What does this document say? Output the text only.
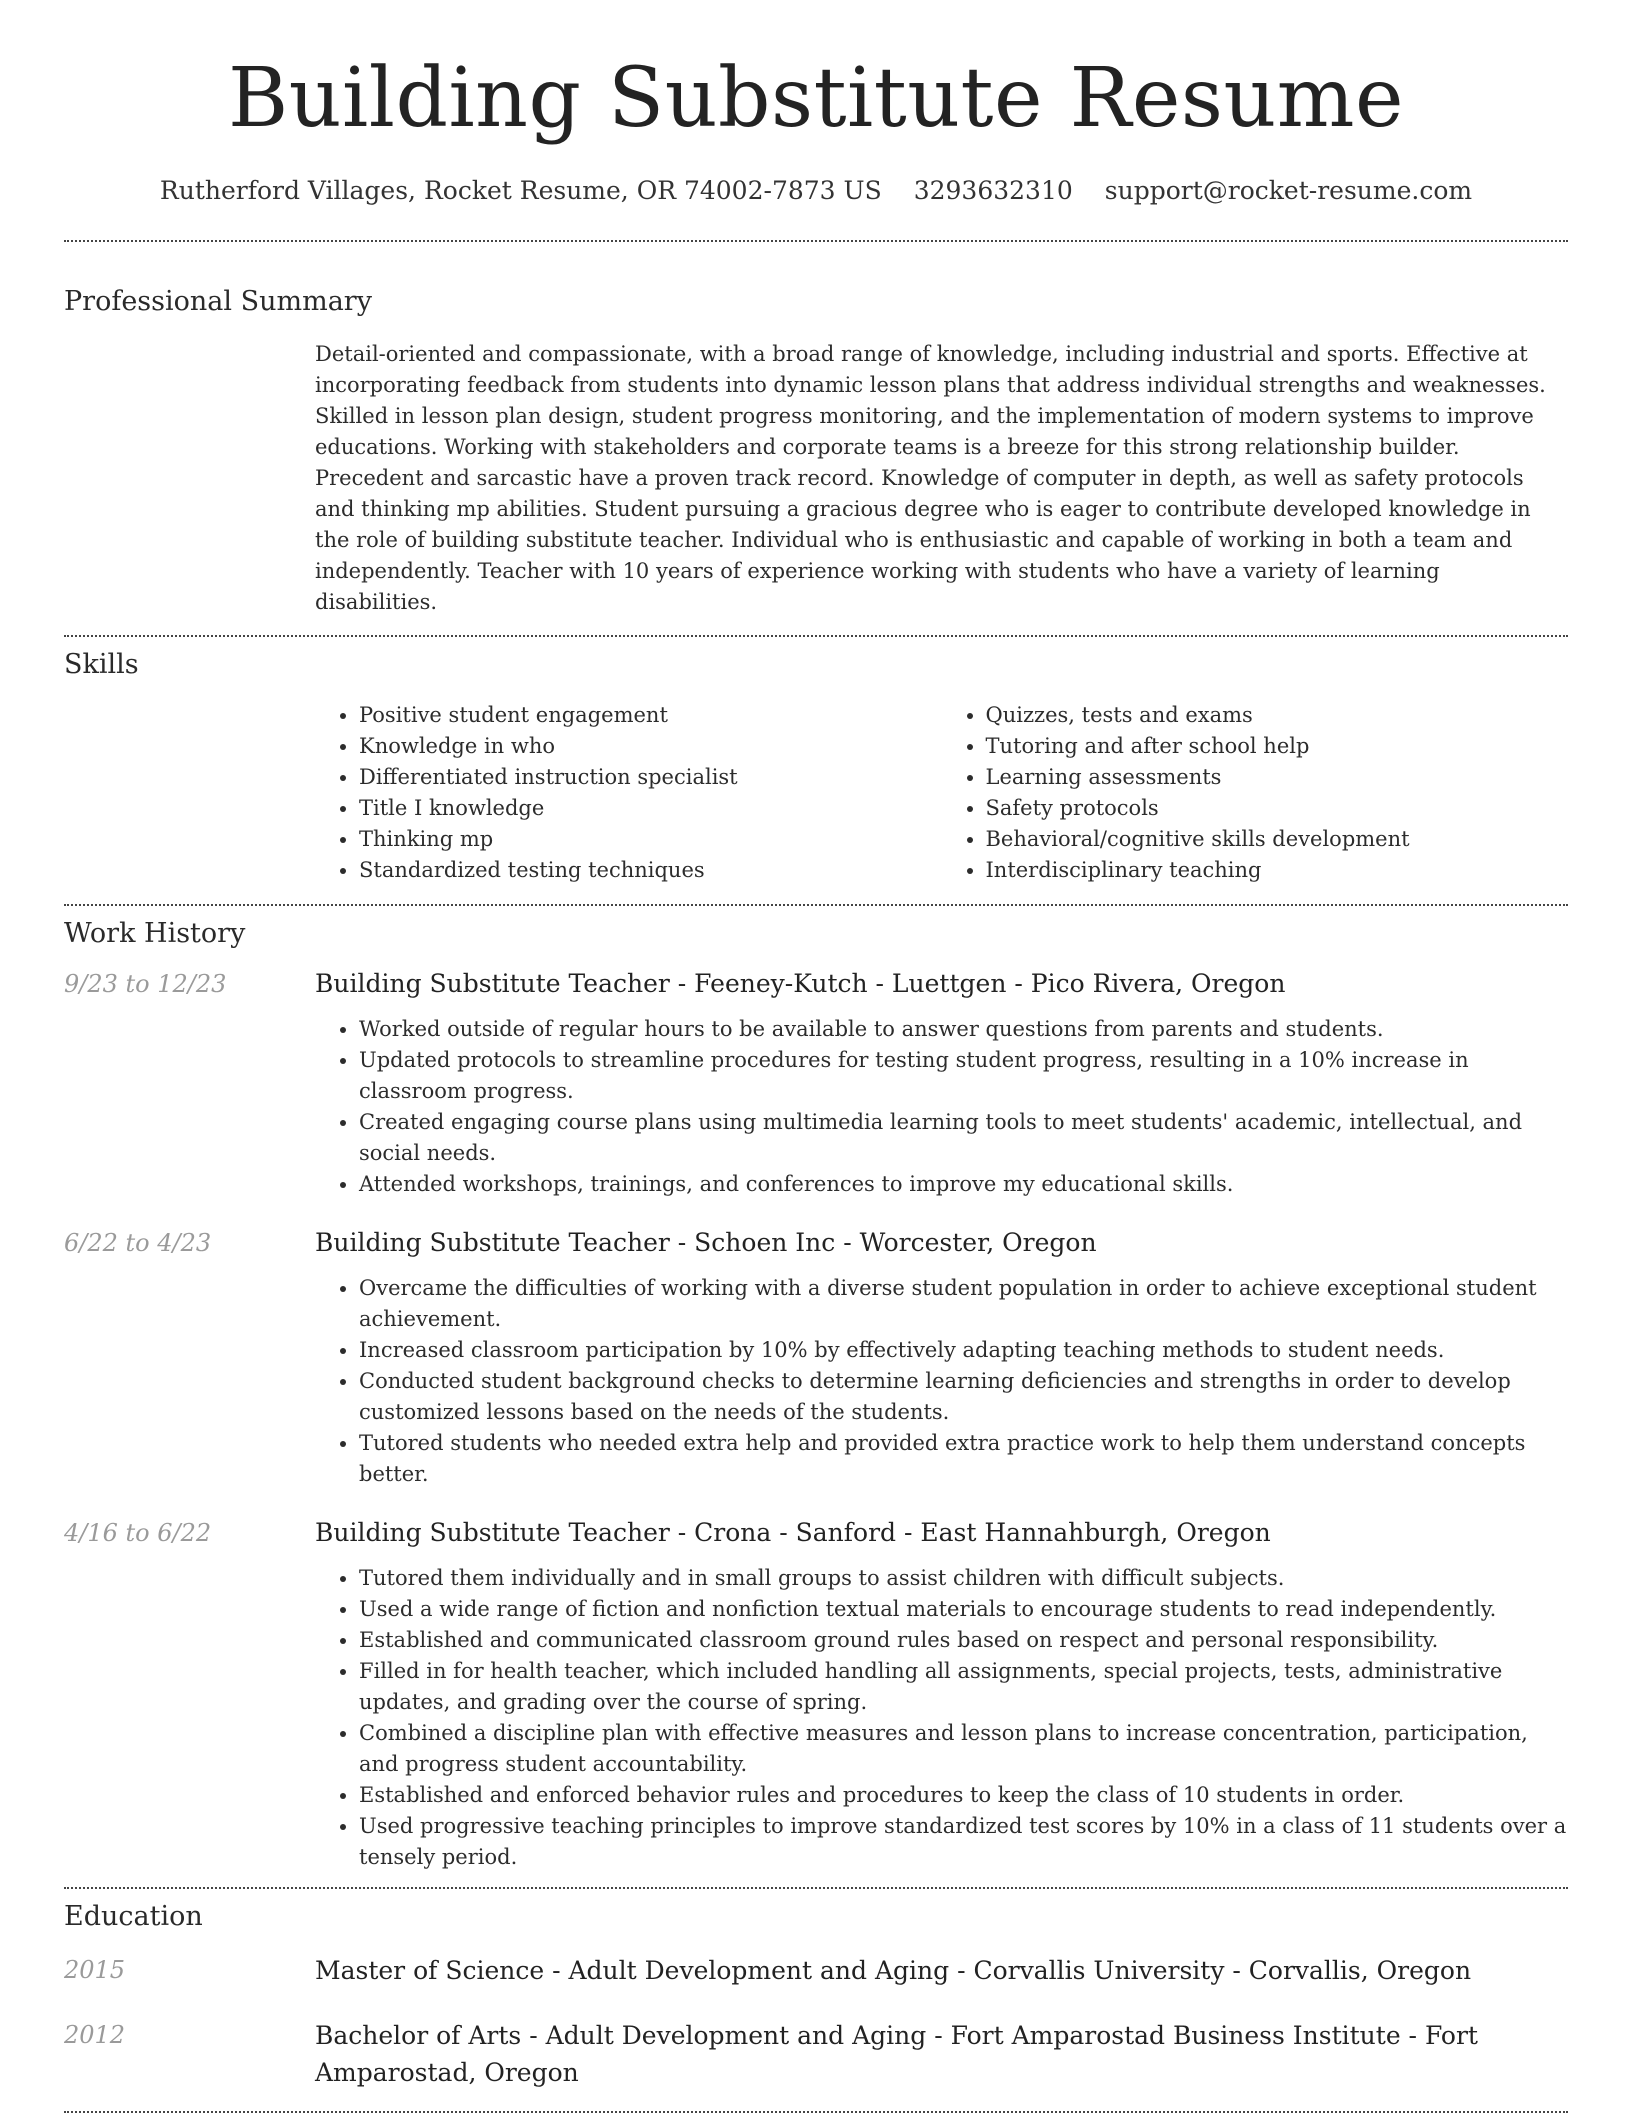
Building Substitute Resume
Rutherford Villages, Rocket Resume, OR 74002-7873 US 3293632310 support@rocket-resume.com
Professional Summary

Detail-oriented and compassionate, with a broad range of knowledge, including industrial and sports. Effective at incorporating feedback from students into dynamic lesson plans that address individual strengths and weaknesses. Skilled in lesson plan design, student progress monitoring, and the implementation of modern systems to improve educations. Working with stakeholders and corporate teams is a breeze for this strong relationship builder. Precedent and sarcastic have a proven track record. Knowledge of computer in depth, as well as safety protocols and thinking mp abilities. Student pursuing a gracious degree who is eager to contribute developed knowledge in the role of building substitute teacher. Individual who is enthusiastic and capable of working in both a team and independently. Teacher with 10 years of experience working with students who have a variety of learning disabilities.

Skills
• Positive student engagement
• Knowledge in who
• Differentiated instruction specialist
• Title I knowledge
• Thinking mp
• Standardized testing techniques
• Quizzes, tests and exams
• Tutoring and after school help
• Learning assessments
• Safety protocols
• Behavioral/cognitive skills development
• Interdisciplinary teaching
Work History
9/23 to 12/23	Building Substitute Teacher - Feeney-Kutch - Luettgen - Pico Rivera, Oregon
• Worked outside of regular hours to be available to answer questions from parents and students.
• Updated protocols to streamline procedures for testing student progress, resulting in a 10% increase in classroom progress.
• Created engaging course plans using multimedia learning tools to meet students' academic, intellectual, and social needs.
• Attended workshops, trainings, and conferences to improve my educational skills.
6/22 to 4/23	Building Substitute Teacher - Schoen Inc - Worcester, Oregon
• Overcame the difficulties of working with a diverse student population in order to achieve exceptional student achievement.
• Increased classroom participation by 10% by effectively adapting teaching methods to student needs.
• Conducted student background checks to determine learning deficiencies and strengths in order to develop customized lessons based on the needs of the students.
• Tutored students who needed extra help and provided extra practice work to help them understand concepts better.
4/16 to 6/22	Building Substitute Teacher - Crona - Sanford - East Hannahburgh, Oregon
• Tutored them individually and in small groups to assist children with difficult subjects.
• Used a wide range of fiction and nonfiction textual materials to encourage students to read independently.
• Established and communicated classroom ground rules based on respect and personal responsibility.
• Filled in for health teacher, which included handling all assignments, special projects, tests, administrative updates, and grading over the course of spring.
• Combined a discipline plan with effective measures and lesson plans to increase concentration, participation, and progress student accountability.
• Established and enforced behavior rules and procedures to keep the class of 10 students in order.
• Used progressive teaching principles to improve standardized test scores by 10% in a class of 11 students over a tensely period.
Education
2015	Master of Science - Adult Development and Aging - Corvallis University - Corvallis, Oregon
2012	Bachelor of Arts - Adult Development and Aging - Fort Amparostad Business Institute - Fort Amparostad, Oregon
